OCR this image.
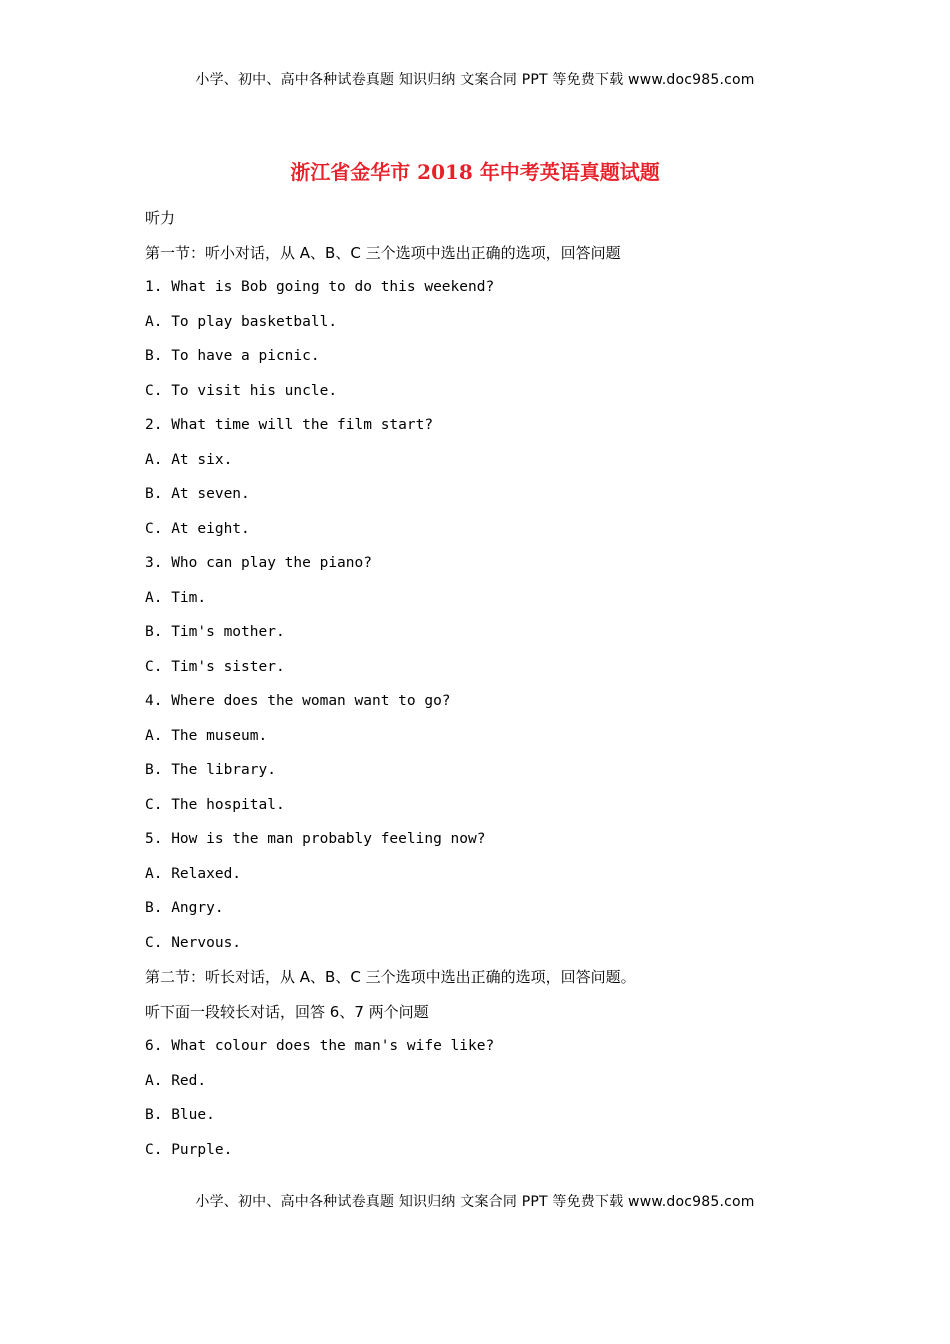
小学、初中、高中各种试卷真题 知识归纳 文案合同 PPT 等免费下载 www.doc985.com
浙江省金华市 2018 年中考英语真题试题
听力
第一节：听小对话，从 A、B、C 三个选项中选出正确的选项，回答问题
1. What is Bob going to do this weekend?
A. To play basketball.
B. To have a picnic.
C. To visit his uncle.
2. What time will the film start?
A. At six.
B. At seven.
C. At eight.
3. Who can play the piano?
A. Tim.
B. Tim's mother.
C. Tim's sister.
4. Where does the woman want to go?
A. The museum.
B. The library.
C. The hospital.
5. How is the man probably feeling now?
A. Relaxed.
B. Angry.
C. Nervous.
第二节：听长对话，从 A、B、C 三个选项中选出正确的选项，回答问题。
听下面一段较长对话，回答 6、7 两个问题
6. What colour does the man's wife like?
A. Red.
B. Blue.
C. Purple.
小学、初中、高中各种试卷真题 知识归纳 文案合同 PPT 等免费下载 www.doc985.com
